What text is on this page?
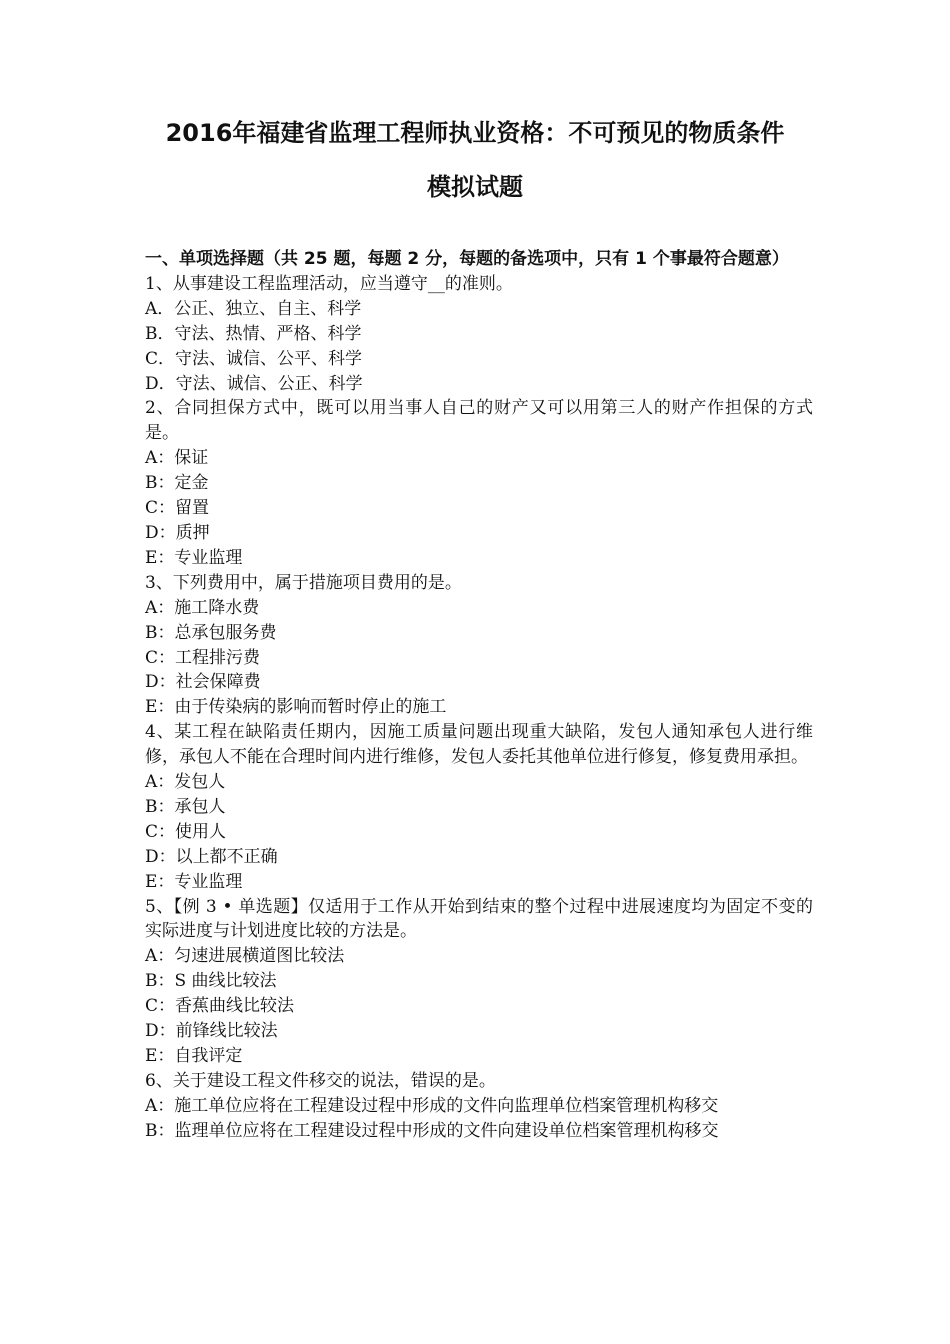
2016年福建省监理工程师执业资格：不可预见的物质条件
模拟试题

一、单项选择题（共 25 题，每题 2 分，每题的备选项中，只有 1 个事最符合题意）

1、从事建设工程监理活动，应当遵守__的准则。

A．公正、独立、自主、科学

B．守法、热情、严格、科学

C．守法、诚信、公平、科学

D．守法、诚信、公正、科学

2、合同担保方式中，既可以用当事人自己的财产又可以用第三人的财产作担保的方式是。

A：保证

B：定金

C：留置

D：质押

E：专业监理

3、下列费用中，属于措施项目费用的是。

A：施工降水费

B：总承包服务费

C：工程排污费

D：社会保障费

E：由于传染病的影响而暂时停止的施工

4、某工程在缺陷责任期内，因施工质量问题出现重大缺陷，发包人通知承包人进行维修，承包人不能在合理时间内进行维修，发包人委托其他单位进行修复，修复费用承担。

A：发包人

B：承包人

C：使用人

D：以上都不正确

E：专业监理

5、【例 3 • 单选题】仅适用于工作从开始到结束的整个过程中进展速度均为固定不变的实际进度与计划进度比较的方法是。

A：匀速进展横道图比较法

B：S 曲线比较法

C：香蕉曲线比较法

D：前锋线比较法

E：自我评定

6、关于建设工程文件移交的说法，错误的是。

A：施工单位应将在工程建设过程中形成的文件向监理单位档案管理机构移交

B：监理单位应将在工程建设过程中形成的文件向建设单位档案管理机构移交
